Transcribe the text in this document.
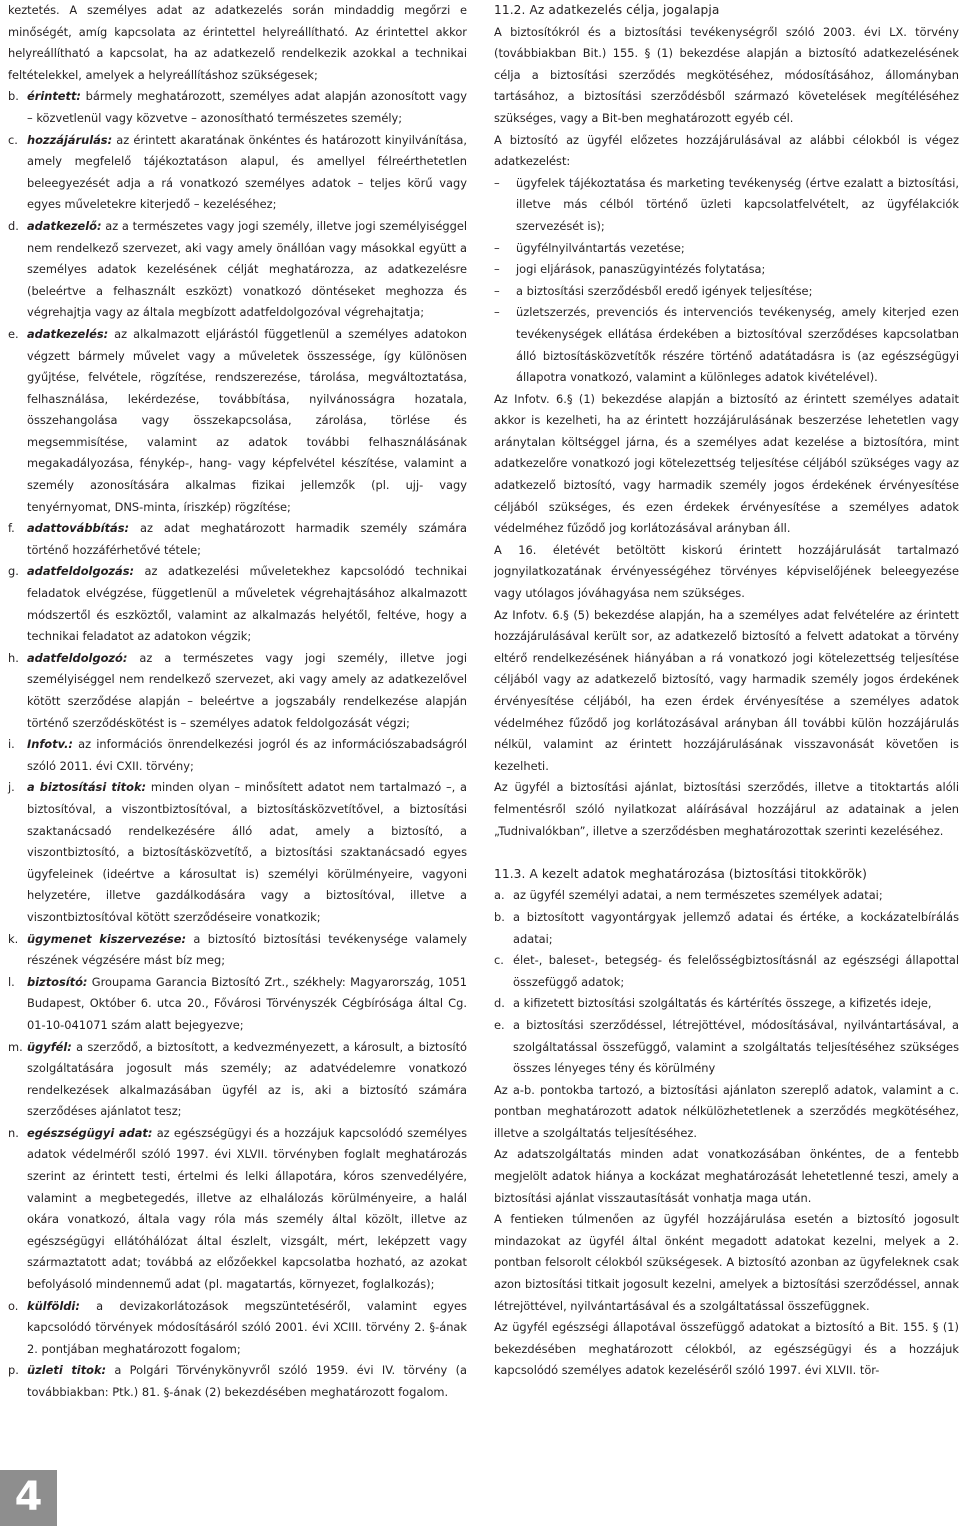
keztetés. A személyes adat az adatkezelés során mindaddig megőrzi e minőségét, amíg kapcsolata az érintettel helyreállítható. Az érintettel akkor helyreállítható a kapcsolat, ha az adatkezelő rendelkezik azokkal a technikai feltételekkel, amelyek a helyreállításhoz szükségesek;

b. érintett: bármely meghatározott, személyes adat alapján azonosított vagy – közvetlenül vagy közvetve – azonosítható természetes személy;
c. hozzájárulás: az érintett akaratának önkéntes és határozott kinyilvánítása, amely megfelelő tájékoztatáson alapul, és amellyel félreérthetetlen beleegyezését adja a rá vonatkozó személyes adatok – teljes körű vagy egyes műveletekre kiterjedő – kezeléséhez;
d. adatkezelő: az a természetes vagy jogi személy, illetve jogi személyiséggel nem rendelkező szervezet, aki vagy amely önállóan vagy másokkal együtt a személyes adatok kezelésének célját meghatározza, az adatkezelésre (beleértve a felhasznált eszközt) vonatkozó döntéseket meghozza és végrehajtja vagy az általa megbízott adatfeldolgozóval végrehajtatja;
e. adatkezelés: az alkalmazott eljárástól függetlenül a személyes adatokon végzett bármely művelet vagy a műveletek összessége, így különösen gyűjtése, felvétele, rögzítése, rendszerezése, tárolása, megváltoztatása, felhasználása, lekérdezése, továbbítása, nyilvánosságra hozatala, összehangolása vagy összekapcsolása, zárolása, törlése és megsemmisítése, valamint az adatok további felhasználásának megakadályozása, fénykép-, hang- vagy képfelvétel készítése, valamint a személy azonosítására alkalmas fizikai jellemzők (pl. ujj- vagy tenyérnyomat, DNS-minta, íriszkép) rögzítése;
f.	adattovábbítás: az adat meghatározott harmadik személy számára történő hozzáférhetővé tétele;
g. adatfeldolgozás: az adatkezelési műveletekhez kapcsolódó technikai feladatok elvégzése, függetlenül a műveletek végrehajtásához alkalmazott módszertől és eszköztől, valamint az alkalmazás helyétől, feltéve, hogy a technikai feladatot az adatokon végzik;
h. adatfeldolgozó: az a természetes vagy jogi személy, illetve jogi személyiséggel nem rendelkező szervezet, aki vagy amely az adatkezelővel kötött szerződése alapján – beleértve a jogszabály rendelkezése alapján történő szerződéskötést is – személyes adatok feldolgozását végzi;
i.	Infotv.: az információs önrendelkezési jogról és az információszabadságról szóló 2011. évi CXII. törvény;
j.	a biztosítási titok: minden olyan – minősített adatot nem tartalmazó –, a biztosítóval, a viszontbiztosítóval, a biztosításközvetítővel, a biztosítási szaktanácsadó rendelkezésére álló adat, amely a biztosító, a viszontbiztosító, a biztosításközvetítő, a biztosítási szaktanácsadó egyes ügyfeleinek (ideértve a károsultat is) személyi körülményeire, vagyoni helyzetére, illetve gazdálkodására vagy a biztosítóval, illetve a viszontbiztosítóval kötött szerződéseire vonatkozik;
k. ügymenet kiszervezése: a biztosító biztosítási tevékenysége valamely részének végzésére mást bíz meg;
l.	biztosító: Groupama Garancia Biztosító Zrt., székhely: Magyarország, 1051 Budapest, Október 6. utca 20., Fővárosi Törvényszék Cégbírósága által Cg. 01-10-041071 szám alatt bejegyezve;
m. ügyfél: a szerződő, a biztosított, a kedvezményezett, a károsult, a biztosító szolgáltatására jogosult más személy; az adatvédelemre vonatkozó rendelkezések alkalmazásában ügyfél az is, aki a biztosító számára szerződéses ajánlatot tesz;
n. egészségügyi adat: az egészségügyi és a hozzájuk kapcsolódó személyes adatok védelméről szóló 1997. évi XLVII. törvényben foglalt meghatározás szerint az érintett testi, értelmi és lelki állapotára, kóros szenvedélyére, valamint a megbetegedés, illetve az elhalálozás körülményeire, a halál okára vonatkozó, általa vagy róla más személy által közölt, illetve az egészségügyi ellátóhálózat által észlelt, vizsgált, mért, leképzett vagy származtatott adat; továbbá az előzőekkel kapcsolatba hozható, az azokat befolyásoló mindennemű adat (pl. magatartás, környezet, foglalkozás);
o. külföldi: a devizakorlátozások megszüntetéséről, valamint egyes kapcsolódó törvények módosításáról szóló 2001. évi XCIII. törvény 2. §-ának 2. pontjában meghatározott fogalom;
p. üzleti titok: a Polgári Törvénykönyvről szóló 1959. évi IV. törvény (a továbbiakban: Ptk.) 81. §-ának (2) bekezdésében meghatározott fogalom.

11.2. Az adatkezelés célja, jogalapja

A biztosítókról és a biztosítási tevékenységről szóló 2003. évi LX. törvény (továbbiakban Bit.) 155. § (1) bekezdése alapján a biztosító adatkezelésének célja a biztosítási szerződés megkötéséhez, módosításához, állományban tartásához, a biztosítási szerződésből származó követelések megítéléséhez szükséges, vagy a Bit-ben meghatározott egyéb cél.

A biztosító az ügyfél előzetes hozzájárulásával az alábbi célokból is végez adatkezelést:

–	ügyfelek tájékoztatása és marketing tevékenység (értve ezalatt a biztosítási, illetve más célból történő üzleti kapcsolatfelvételt, az ügyfélakciók szervezését is);
–	ügyfélnyilvántartás vezetése;
–	jogi eljárások, panaszügyintézés folytatása;
–	a biztosítási szerződésből eredő igények teljesítése;
–	üzletszerzés, prevenciós és intervenciós tevékenység, amely kiterjed ezen tevékenységek ellátása érdekében a biztosítóval szerződéses kapcsolatban álló biztosításközvetítők részére történő adatátadásra is (az egészségügyi állapotra vonatkozó, valamint a különleges adatok kivételével).

Az Infotv. 6.§ (1) bekezdése alapján a biztosító az érintett személyes adatait akkor is kezelheti, ha az érintett hozzájárulásának beszerzése lehetetlen vagy aránytalan költséggel járna, és a személyes adat kezelése a biztosítóra, mint adatkezelőre vonatkozó jogi kötelezettség teljesítése céljából szükséges vagy az adatkezelő biztosító, vagy harmadik személy jogos érdekének érvényesítése céljából szükséges, és ezen érdekek érvényesítése a személyes adatok védelméhez fűződő jog korlátozásával arányban áll.

A 16. életévét betöltött kiskorú érintett hozzájárulását tartalmazó jognyilatkozatának érvényességéhez törvényes képviselőjének beleegyezése vagy utólagos jóváhagyása nem szükséges.

Az Infotv. 6.§ (5) bekezdése alapján, ha a személyes adat felvételére az érintett hozzájárulásával került sor, az adatkezelő biztosító a felvett adatokat a törvény eltérő rendelkezésének hiányában a rá vonatkozó jogi kötelezettség teljesítése céljából vagy az adatkezelő biztosító, vagy harmadik személy jogos érdekének érvényesítése céljából, ha ezen érdek érvényesítése a személyes adatok védelméhez fűződő jog korlátozásával arányban áll további külön hozzájárulás nélkül, valamint az érintett hozzájárulásának visszavonását követően is kezelheti.

Az ügyfél a biztosítási ajánlat, biztosítási szerződés, illetve a titoktartás alóli felmentésről szóló nyilatkozat aláírásával hozzájárul az adatainak a jelen „Tudnivalókban”, illetve a szerződésben meghatározottak szerinti kezeléséhez.

11.3. A kezelt adatok meghatározása (biztosítási titokkörök)

a. az ügyfél személyi adatai, a nem természetes személyek adatai;
b. a biztosított vagyontárgyak jellemző adatai és értéke, a kockázatelbírálás adatai;
c. élet-, baleset-, betegség- és felelősségbiztosításnál az egészségi állapottal összefüggő adatok;
d. a kifizetett biztosítási szolgáltatás és kártérítés összege, a kifizetés ideje,
e. a biztosítási szerződéssel, létrejöttével, módosításával, nyilvántartásával, a szolgáltatással összefüggő, valamint a szolgáltatás teljesítéséhez szükséges összes lényeges tény és körülmény

Az a-b. pontokba tartozó, a biztosítási ajánlaton szereplő adatok, valamint a c. pontban meghatározott adatok nélkülözhetetlenek a szerződés megkötéséhez, illetve a szolgáltatás teljesítéséhez.

Az adatszolgáltatás minden adat vonatkozásában önkéntes, de a fentebb megjelölt adatok hiánya a kockázat meghatározását lehetetlenné teszi, amely a biztosítási ajánlat visszautasítását vonhatja maga után.

A fentieken túlmenően az ügyfél hozzájárulása esetén a biztosító jogosult mindazokat az ügyfél által önként megadott adatokat kezelni, melyek a 2. pontban felsorolt célokból szükségesek. A biztosító azonban az ügyfeleknek csak azon biztosítási titkait jogosult kezelni, amelyek a biztosítási szerződéssel, annak létrejöttével, nyilvántartásával és a szolgáltatással összefüggnek.

Az ügyfél egészségi állapotával összefüggő adatokat a biztosító a Bit. 155. § (1) bekezdésében meghatározott célokból, az egészségügyi és a hozzájuk kapcsolódó személyes adatok kezeléséről szóló 1997. évi XLVII. tör-

4
